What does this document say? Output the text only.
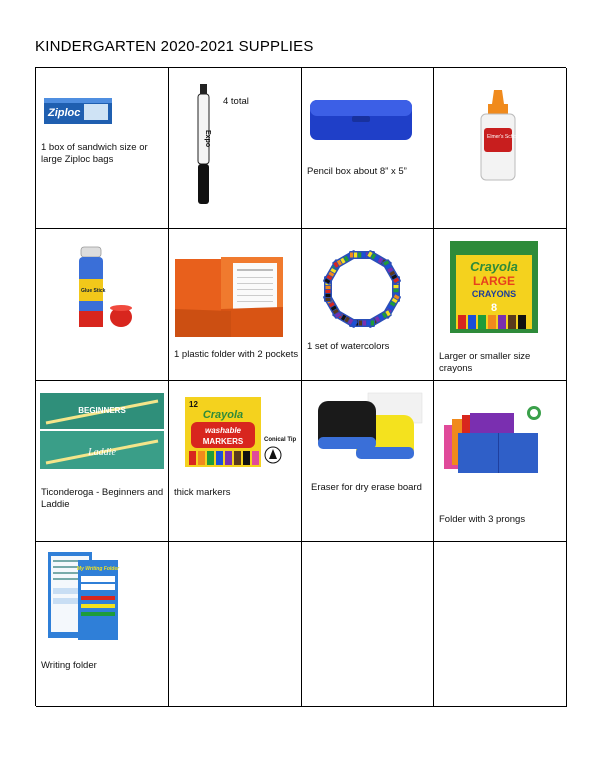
KINDERGARTEN 2020-2021 SUPPLIES
Ziploc
1 box of sandwich size or large Ziploc bags
Expo
4 total
Pencil box about 8” x 5”
Elmer's School Glue
Glue Stick
1 plastic folder with 2 pockets
1 set of watercolors
Crayola
LARGE
CRAYONS
8
Larger or smaller size crayons
BEGINNERS
Laddie
Ticonderoga - Beginners and Laddie
12
Crayola
washable
MARKERS	Conical Tip
thick markers	Eraser for dry erase board
Folder with 3 prongs
My Writing Folder
Writing folder
